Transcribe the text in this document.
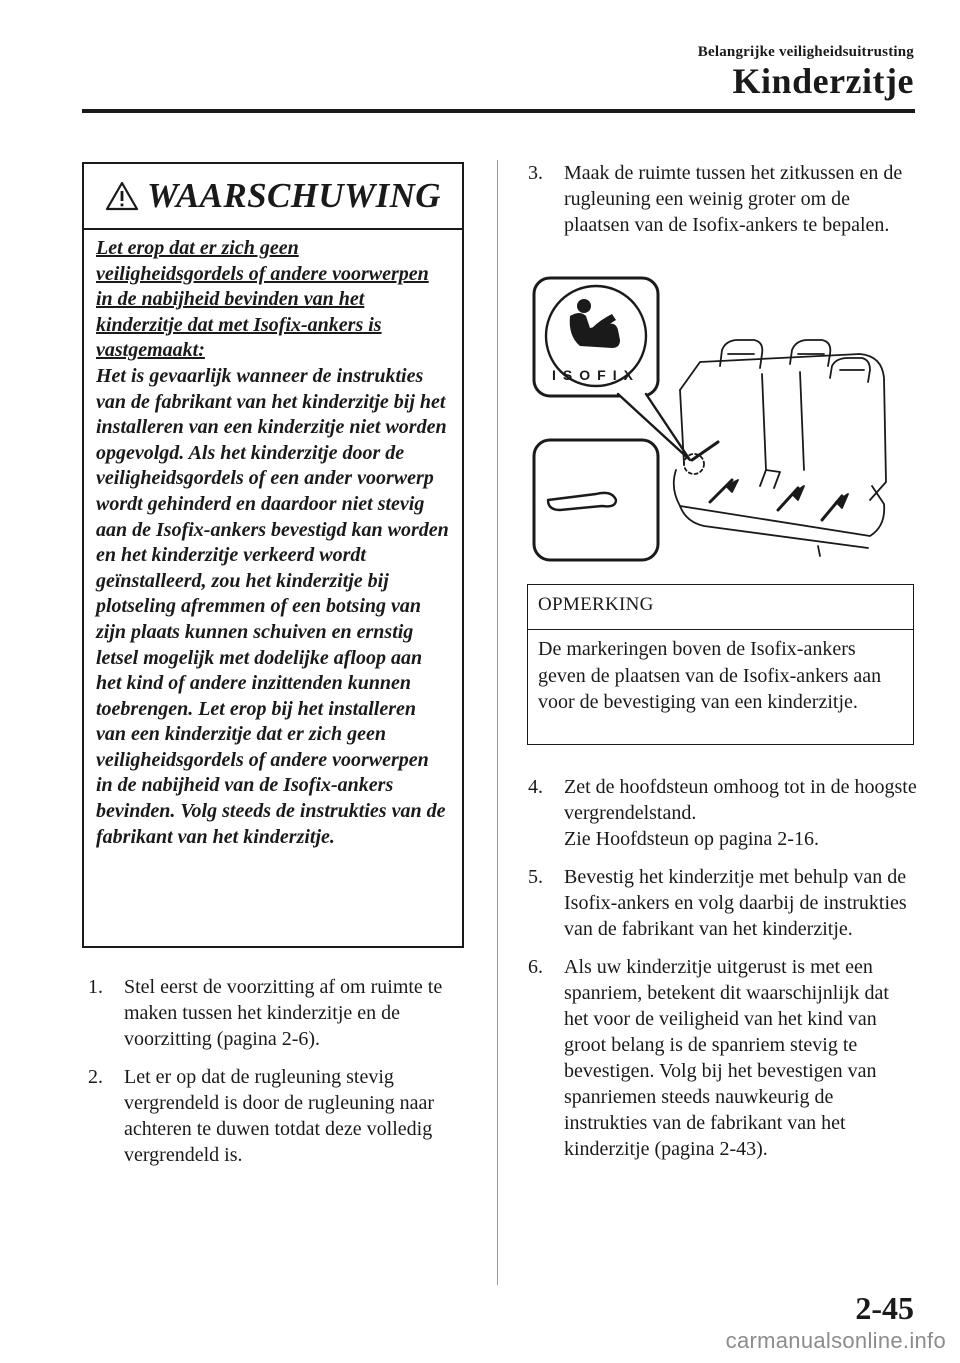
Belangrijke veiligheidsuitrusting
Kinderzitje
WAARSCHUWING
Let erop dat er zich geen veiligheidsgordels of andere voorwerpen in de nabijheid bevinden van het kinderzitje dat met Isofix-ankers is vastgemaakt:
Het is gevaarlijk wanneer de instrukties van de fabrikant van het kinderzitje bij het installeren van een kinderzitje niet worden opgevolgd. Als het kinderzitje door de veiligheidsgordels of een ander voorwerp wordt gehinderd en daardoor niet stevig aan de Isofix-ankers bevestigd kan worden en het kinderzitje verkeerd wordt geïnstalleerd, zou het kinderzitje bij plotseling afremmen of een botsing van zijn plaats kunnen schuiven en ernstig letsel mogelijk met dodelijke afloop aan het kind of andere inzittenden kunnen toebrengen. Let erop bij het installeren van een kinderzitje dat er zich geen veiligheidsgordels of andere voorwerpen in de nabijheid van de Isofix-ankers bevinden. Volg steeds de instrukties van de fabrikant van het kinderzitje.
1.	Stel eerst de voorzitting af om ruimte te maken tussen het kinderzitje en de voorzitting (pagina 2-6).
2.	Let er op dat de rugleuning stevig vergrendeld is door de rugleuning naar achteren te duwen totdat deze volledig vergrendeld is.
3.	Maak de ruimte tussen het zitkussen en de rugleuning een weinig groter om de plaatsen van de Isofix-ankers te bepalen.
ISOFIX
OPMERKING
De markeringen boven de Isofix-ankers geven de plaatsen van de Isofix-ankers aan voor de bevestiging van een kinderzitje.
4.	Zet de hoofdsteun omhoog tot in de hoogste vergrendelstand.
Zie Hoofdsteun op pagina 2-16.
5.	Bevestig het kinderzitje met behulp van de Isofix-ankers en volg daarbij de instrukties van de fabrikant van het kinderzitje.
6.	Als uw kinderzitje uitgerust is met een spanriem, betekent dit waarschijnlijk dat het voor de veiligheid van het kind van groot belang is de spanriem stevig te bevestigen. Volg bij het bevestigen van spanriemen steeds nauwkeurig de instrukties van de fabrikant van het kinderzitje (pagina 2-43).
2-45
carmanualsonline.info
